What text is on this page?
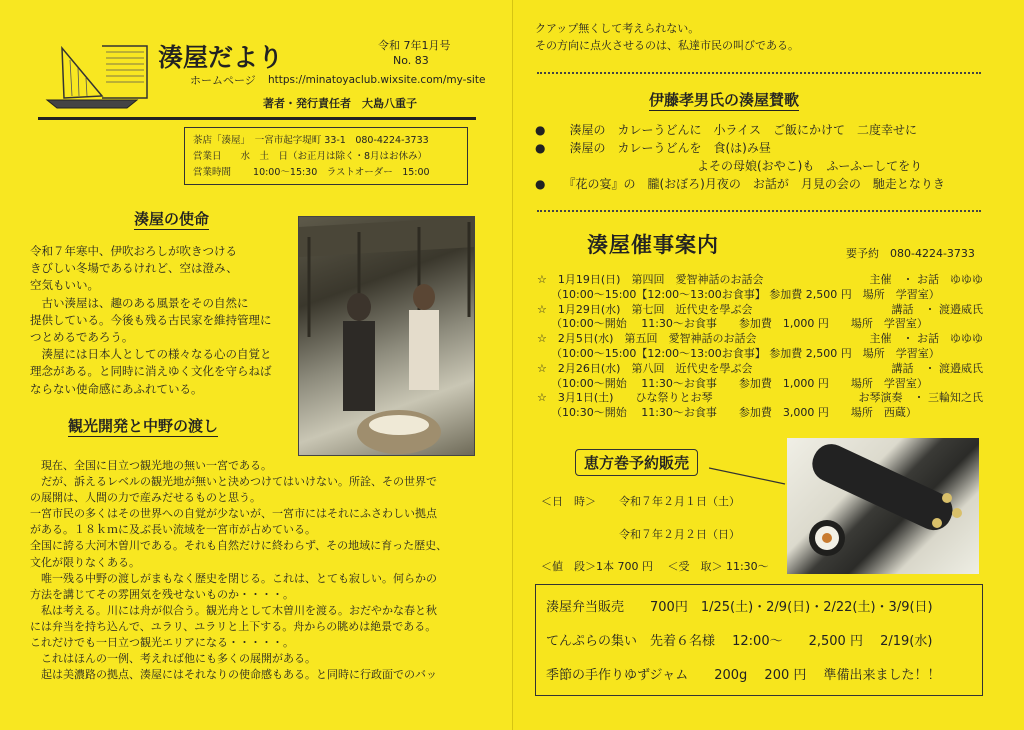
湊屋だより	令和 7年1月号
No. 83
ホームページ https://minatoyaclub.wixsite.com/my-site
著者・発行責任者　大島八重子
茶店「湊屋」　一宮市起字堤町 33-1　080-4224-3733
営業日　　水　土　日（お正月は除く・8月はお休み）
営業時間　　 10:00～15:30　ラストオーダー　15:00
湊屋の使命
令和７年寒中、伊吹おろしが吹きつける
きびしい冬場であるけれど、空は澄み、
空気もいい。
　古い湊屋は、趣のある風景をその自然に
提供している。今後も残る古民家を維持管理に
つとめるであろう。
　湊屋には日本人としての様々なる心の自覚と
理念がある。と同時に消えゆく文化を守らねば
ならない使命感にあふれている。
観光開発と中野の渡し
　現在、全国に目立つ観光地の無い一宮である。
　だが、訴えるレベルの観光地が無いと決めつけてはいけない。所詮、その世界で
の展開は、人間の力で産みだせるものと思う。
一宮市民の多くはその世界への自覚が少ないが、一宮市にはそれにふさわしい拠点
がある。１８ｋｍに及ぶ長い流域を一宮市が占めている。
全国に誇る大河木曽川である。それも自然だけに終わらず、その地域に育った歴史、
文化が限りなくある。
　唯一残る中野の渡しがまもなく歴史を閉じる。これは、とても寂しい。何らかの
方法を講じてその雰囲気を残せないものか・・・・。
　私は考える。川には舟が似合う。観光舟として木曽川を渡る。おだやかな春と秋
には弁当を持ち込んで、ユラリ、ユラリと上下する。舟からの眺めは絶景である。
これだけでも一日立つ観光エリアになる・・・・・。
　これはほんの一例、考えれば他にも多くの展開がある。
　起は美濃路の拠点、湊屋にはそれなりの使命感もある。と同時に行政面でのバッ
クアップ無くして考えられない。
その方向に点火させるのは、私達市民の叫びである。
伊藤孝男氏の湊屋賛歌
●　　 湊屋の　カレーうどんに　小ライス　ご飯にかけて　二度幸せに
●　　 湊屋の　カレーうどんを　食(は)み昼
よその母娘(おやこ)も　ふーふーしてをり
●　　 『花の宴』の　朧(おぼろ)月夜の　お話が　月見の会の　馳走となりき
湊屋催事案内	要予約　080-4224-3733
☆　1月19日(日)　第四回　愛智神話のお話会	主催　・ お話　ゆゆゆ
（10:00～15:00【12:00～13:00お食事】 参加費 2,500 円　場所　学習室）
☆　1月29日(水)　第七回　近代史を學ぶ会	講話　・ 渡邉威氏
（10:00～開始　 11:30～お食事　　参加費　1,000 円　　場所　学習室）
☆　2月5日(水)　第五回　愛智神話のお話会	主催　・ お話　ゆゆゆ
（10:00～15:00【12:00～13:00お食事】 参加費 2,500 円　場所　学習室）
☆　2月26日(水)　第八回　近代史を學ぶ会	講話　・ 渡邉威氏
（10:00～開始　 11:30～お食事　　参加費　1,000 円　　場所　学習室）
☆　3月1日(土)　　ひな祭りとお琴	お琴演奏　・ 三輪知之氏
（10:30～開始　 11:30～お食事　　参加費　3,000 円　　場所　西蔵）
恵方巻予約販売
＜日　時＞ 令和７年２月１日（土）
令和７年２月２日（日）
＜値　段＞1本 700 円　 ＜受　取＞ 11:30～
湊屋弁当販売　　700円　1/25(土)・2/9(日)・2/22(土)・3/9(日)
てんぷらの集い　先着６名様　 12:00～　　2,500 円　 2/19(水)
季節の手作りゆずジャム　　200g　 200 円　 準備出来ました！！
